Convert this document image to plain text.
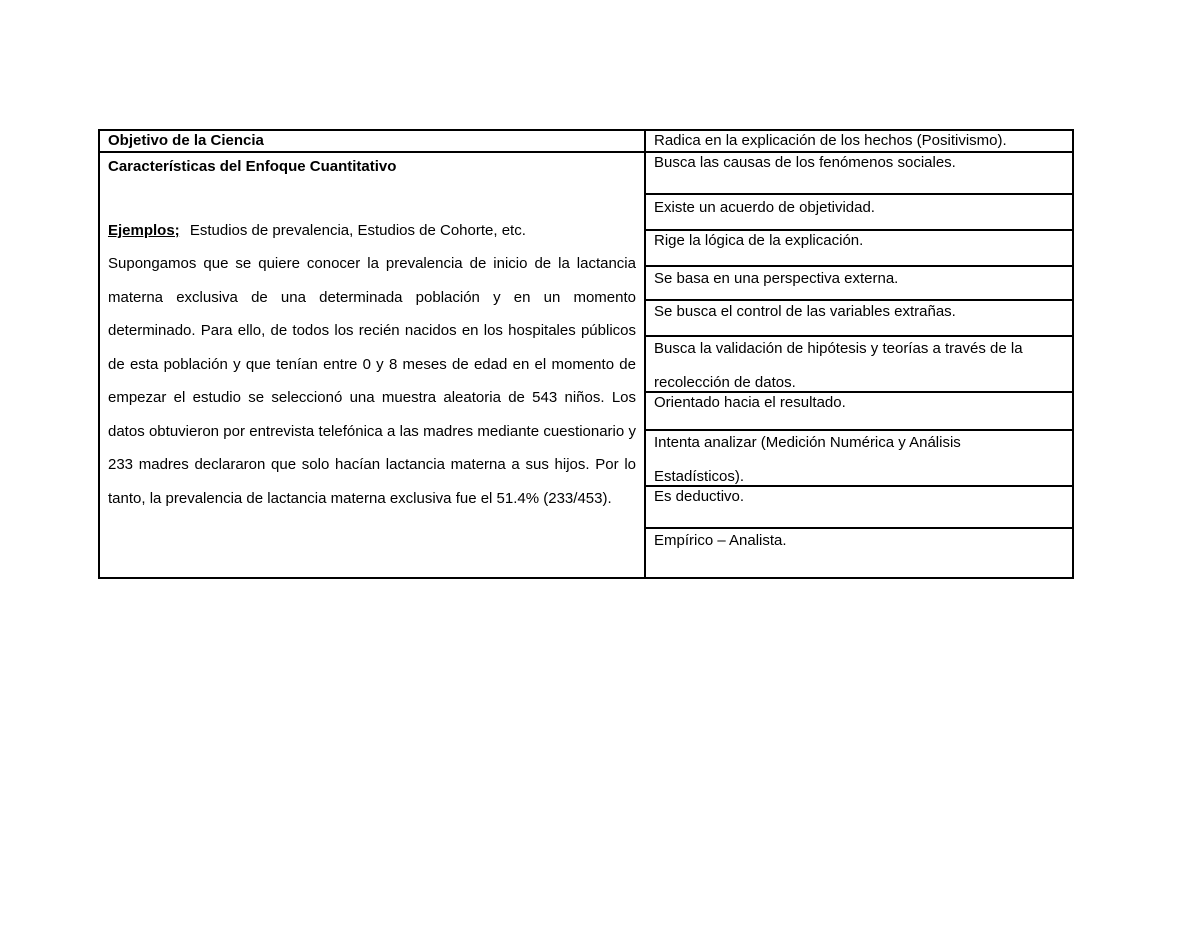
Objetivo de la Ciencia
Características del Enfoque Cuantitativo
Ejemplos; Estudios de prevalencia, Estudios de Cohorte, etc.

Supongamos que se quiere conocer la prevalencia de inicio de la lactancia materna exclusiva de una determinada población y en un momento determinado. Para ello, de todos los recién nacidos en los hospitales públicos de esta población y que tenían entre 0 y 8 meses de edad en el momento de empezar el estudio se seleccionó una muestra aleatoria de 543 niños. Los datos obtuvieron por entrevista telefónica a las madres mediante cuestionario y 233 madres declararon que solo hacían lactancia materna a sus hijos. Por lo tanto, la prevalencia de lactancia materna exclusiva fue el 51.4% (233/453).

Radica en la explicación de los hechos (Positivismo).
Busca las causas de los fenómenos sociales.
Existe un acuerdo de objetividad.
Rige la lógica de la explicación.
Se basa en una perspectiva externa.
Se busca el control de las variables extrañas.
Busca la validación de hipótesis y teorías a través de la
recolección de datos.
Orientado hacia el resultado.
Intenta analizar (Medición Numérica y Análisis
Estadísticos).
Es deductivo.
Empírico – Analista.
